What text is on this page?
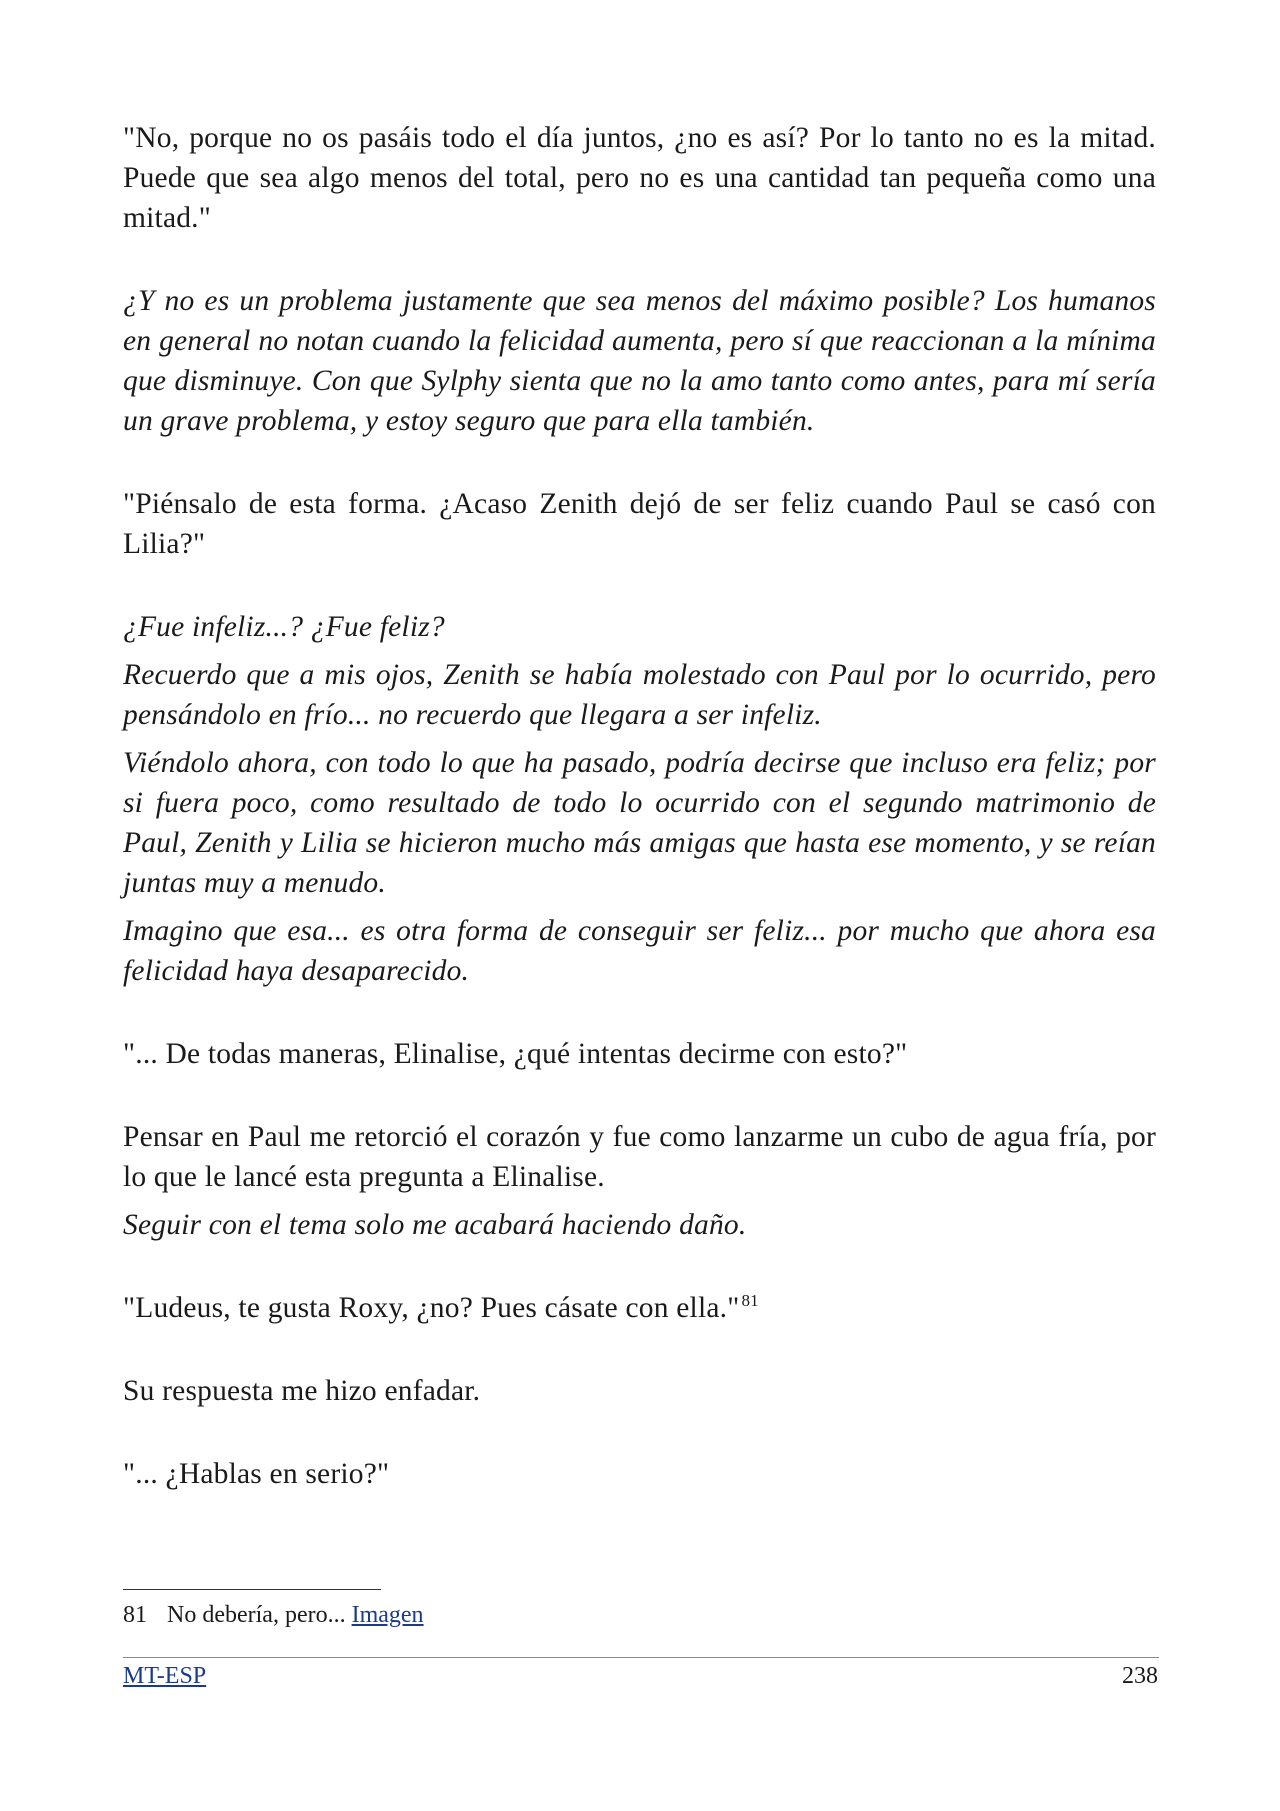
"No, porque no os pasáis todo el día juntos, ¿no es así? Por lo tanto no es la mitad. Puede que sea algo menos del total, pero no es una cantidad tan pequeña como una mitad."

¿Y no es un problema justamente que sea menos del máximo posible? Los humanos en general no notan cuando la felicidad aumenta, pero sí que reaccionan a la mínima que disminuye. Con que Sylphy sienta que no la amo tanto como antes, para mí sería un grave problema, y estoy seguro que para ella también.

"Piénsalo de esta forma. ¿Acaso Zenith dejó de ser feliz cuando Paul se casó con Lilia?"

¿Fue infeliz...? ¿Fue feliz?

Recuerdo que a mis ojos, Zenith se había molestado con Paul por lo ocurrido, pero pensándolo en frío... no recuerdo que llegara a ser infeliz.

Viéndolo ahora, con todo lo que ha pasado, podría decirse que incluso era feliz; por si fuera poco, como resultado de todo lo ocurrido con el segundo matrimonio de Paul, Zenith y Lilia se hicieron mucho más amigas que hasta ese momento, y se reían juntas muy a menudo.

Imagino que esa... es otra forma de conseguir ser feliz... por mucho que ahora esa felicidad haya desaparecido.

"... De todas maneras, Elinalise, ¿qué intentas decirme con esto?"

Pensar en Paul me retorció el corazón y fue como lanzarme un cubo de agua fría, por lo que le lancé esta pregunta a Elinalise.

Seguir con el tema solo me acabará haciendo daño.

"Ludeus, te gusta Roxy, ¿no? Pues cásate con ella." $^{81}$

Su respuesta me hizo enfadar.

"... ¿Hablas en serio?"

81 No debería, pero... Imagen
MT-ESP	238
